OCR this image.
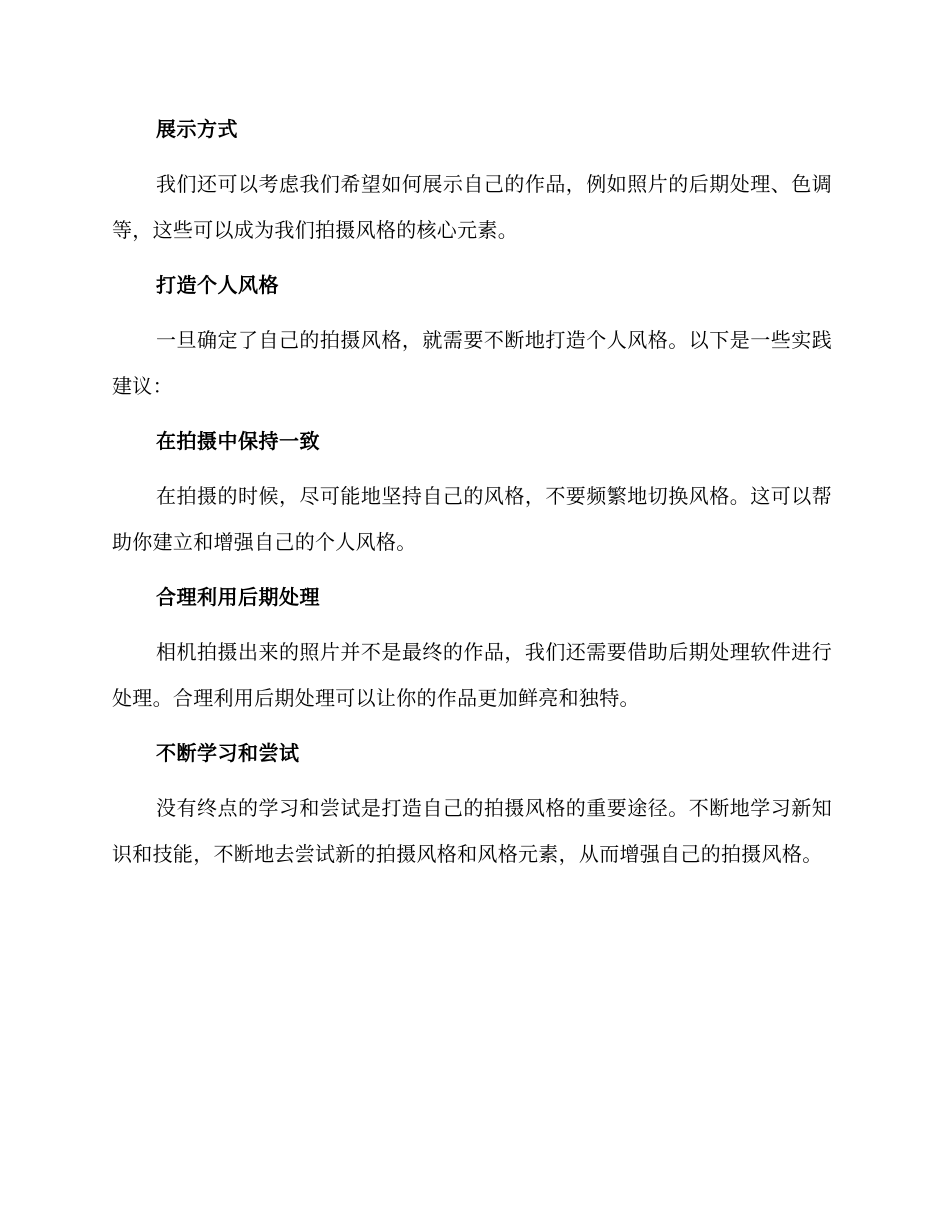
展示方式

我们还可以考虑我们希望如何展示自己的作品，例如照片的后期处理、色调等，这些可以成为我们拍摄风格的核心元素。

打造个人风格

一旦确定了自己的拍摄风格，就需要不断地打造个人风格。以下是一些实践建议：

在拍摄中保持一致

在拍摄的时候，尽可能地坚持自己的风格，不要频繁地切换风格。这可以帮助你建立和增强自己的个人风格。

合理利用后期处理

相机拍摄出来的照片并不是最终的作品，我们还需要借助后期处理软件进行处理。合理利用后期处理可以让你的作品更加鲜亮和独特。

不断学习和尝试

没有终点的学习和尝试是打造自己的拍摄风格的重要途径。不断地学习新知识和技能，不断地去尝试新的拍摄风格和风格元素，从而增强自己的拍摄风格。
